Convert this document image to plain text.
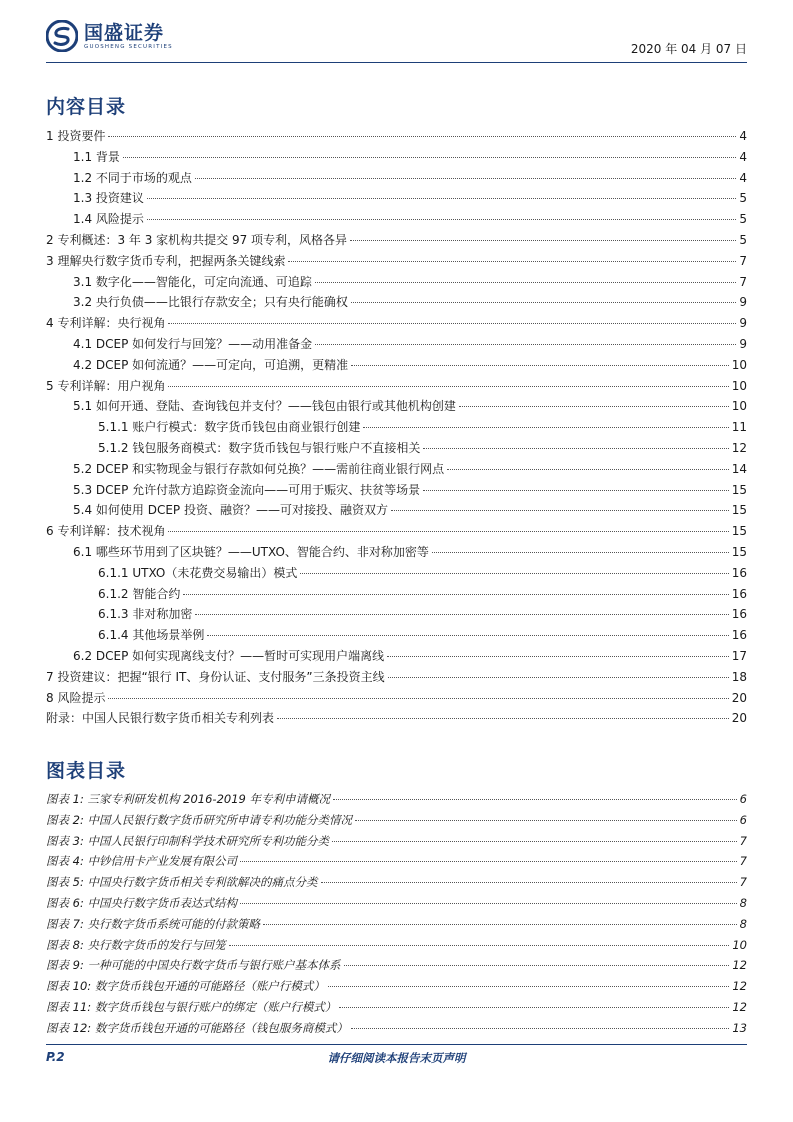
国盛证券
GUOSHENG SECURITIES	2020 年 04 月 07 日
内容目录
1 投资要件	4
1.1 背景	4
1.2 不同于市场的观点	4
1.3 投资建议	5
1.4 风险提示	5
2 专利概述：3 年 3 家机构共提交 97 项专利，风格各异	5
3 理解央行数字货币专利，把握两条关键线索	7
3.1 数字化——智能化，可定向流通、可追踪	7
3.2 央行负债——比银行存款安全；只有央行能确权	9
4 专利详解：央行视角	9
4.1 DCEP 如何发行与回笼？——动用准备金	9
4.2 DCEP 如何流通？——可定向，可追溯，更精准	10
5 专利详解：用户视角	10
5.1 如何开通、登陆、查询钱包并支付？——钱包由银行或其他机构创建	10
5.1.1 账户行模式：数字货币钱包由商业银行创建	11
5.1.2 钱包服务商模式：数字货币钱包与银行账户不直接相关	12
5.2 DCEP 和实物现金与银行存款如何兑换？——需前往商业银行网点	14
5.3 DCEP 允许付款方追踪资金流向——可用于赈灾、扶贫等场景	15
5.4 如何使用 DCEP 投资、融资？——可对接投、融资双方	15
6 专利详解：技术视角	15
6.1 哪些环节用到了区块链？——UTXO、智能合约、非对称加密等	15
6.1.1 UTXO（未花费交易输出）模式	16
6.1.2 智能合约	16
6.1.3 非对称加密	16
6.1.4 其他场景举例	16
6.2 DCEP 如何实现离线支付？——暂时可实现用户端离线	17
7 投资建议：把握“银行 IT、身份认证、支付服务”三条投资主线	18
8 风险提示	20
附录：中国人民银行数字货币相关专利列表	20
图表目录
图表 1: 三家专利研发机构 2016-2019 年专利申请概况	6
图表 2: 中国人民银行数字货币研究所申请专利功能分类情况	6
图表 3: 中国人民银行印制科学技术研究所专利功能分类	7
图表 4: 中钞信用卡产业发展有限公司	7
图表 5: 中国央行数字货币相关专利欲解决的痛点分类	7
图表 6: 中国央行数字货币表达式结构	8
图表 7: 央行数字货币系统可能的付款策略	8
图表 8: 央行数字货币的发行与回笼	10
图表 9: 一种可能的中国央行数字货币与银行账户基本体系	12
图表 10: 数字货币钱包开通的可能路径（账户行模式）	12
图表 11: 数字货币钱包与银行账户的绑定（账户行模式）	12
图表 12: 数字货币钱包开通的可能路径（钱包服务商模式）	13
P.2	请仔细阅读本报告末页声明
